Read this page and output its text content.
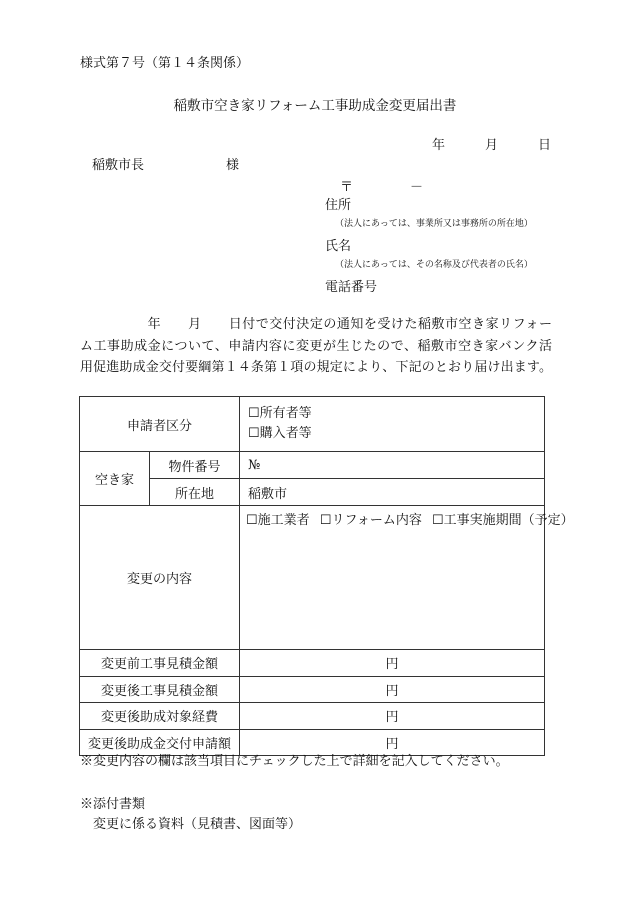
様式第７号（第１４条関係）
稲敷市空き家リフォーム工事助成金変更届出書
年	月	日
稲敷市長	様
〒	－
住所
（法人にあっては、事業所又は事務所の所在地）
氏名
（法人にあっては、その名称及び代表者の氏名）
電話番号
　　　　　年　　月　　日付で交付決定の通知を受けた稲敷市空き家リフォー
ム工事助成金について、申請内容に変更が生じたので、稲敷市空き家バンク活
用促進助成金交付要綱第１４条第１項の規定により、下記のとおり届け出ます。
申請者区分		☐所有者等
☐購入者等

空き家	物件番号	№
	所在地	稲敷市
変更の内容		☐施工業者 ☐リフォーム内容 ☐工事実施期間（予定）
変更前工事見積金額		円
変更後工事見積金額		円
変更後助成対象経費		円
変更後助成金交付申請額		円
※変更内容の欄は該当項目にチェックした上で詳細を記入してください。
※添付書類
変更に係る資料（見積書、図面等）
